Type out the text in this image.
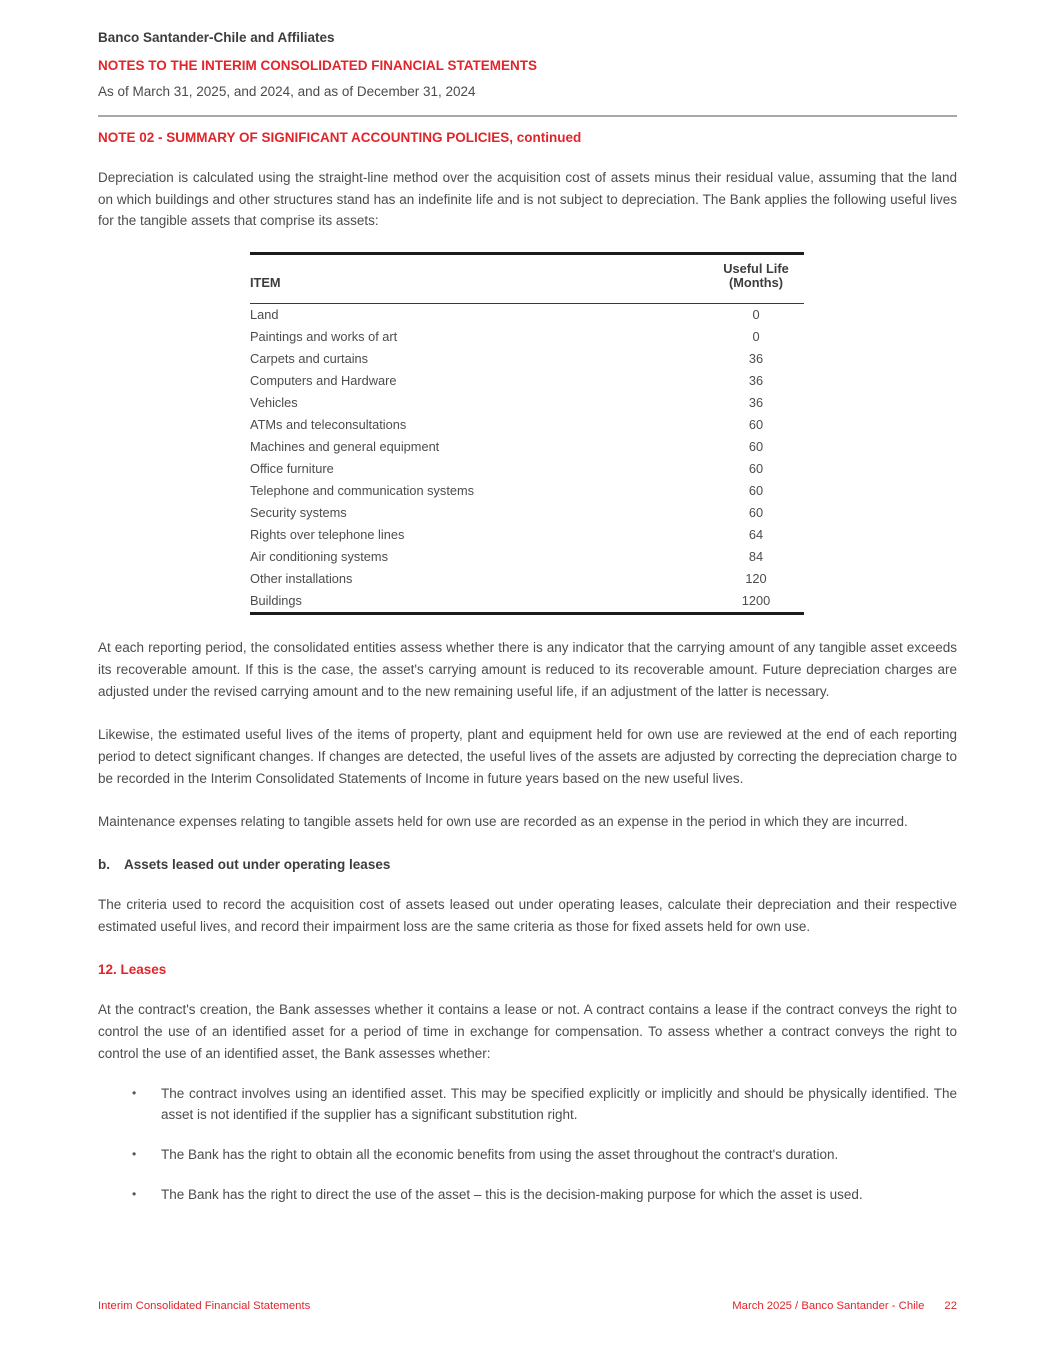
Banco Santander-Chile and Affiliates
NOTES TO THE INTERIM CONSOLIDATED FINANCIAL STATEMENTS
As of March 31, 2025, and 2024, and as of December 31, 2024
NOTE 02 - SUMMARY OF SIGNIFICANT ACCOUNTING POLICIES, continued

Depreciation is calculated using the straight-line method over the acquisition cost of assets minus their residual value, assuming that the land on which buildings and other structures stand has an indefinite life and is not subject to depreciation. The Bank applies the following useful lives for the tangible assets that comprise its assets:

ITEM	Useful Life
(Months)
Land	0
Paintings and works of art	0
Carpets and curtains	36
Computers and Hardware	36
Vehicles	36
ATMs and teleconsultations	60
Machines and general equipment	60
Office furniture	60
Telephone and communication systems	60
Security systems	60
Rights over telephone lines	64
Air conditioning systems	84
Other installations	120
Buildings	1200

At each reporting period, the consolidated entities assess whether there is any indicator that the carrying amount of any tangible asset exceeds its recoverable amount. If this is the case, the asset's carrying amount is reduced to its recoverable amount. Future depreciation charges are adjusted under the revised carrying amount and to the new remaining useful life, if an adjustment of the latter is necessary.

Likewise, the estimated useful lives of the items of property, plant and equipment held for own use are reviewed at the end of each reporting period to detect significant changes. If changes are detected, the useful lives of the assets are adjusted by correcting the depreciation charge to be recorded in the Interim Consolidated Statements of Income in future years based on the new useful lives.

Maintenance expenses relating to tangible assets held for own use are recorded as an expense in the period in which they are incurred.

b. Assets leased out under operating leases

The criteria used to record the acquisition cost of assets leased out under operating leases, calculate their depreciation and their respective estimated useful lives, and record their impairment loss are the same criteria as those for fixed assets held for own use.

12. Leases

At the contract's creation, the Bank assesses whether it contains a lease or not. A contract contains a lease if the contract conveys the right to control the use of an identified asset for a period of time in exchange for compensation. To assess whether a contract conveys the right to control the use of an identified asset, the Bank assesses whether:

• The contract involves using an identified asset. This may be specified explicitly or implicitly and should be physically identified. The asset is not identified if the supplier has a significant substitution right.
• The Bank has the right to obtain all the economic benefits from using the asset throughout the contract's duration.
• The Bank has the right to direct the use of the asset – this is the decision-making purpose for which the asset is used.
Interim Consolidated Financial Statements	March 2025 / Banco Santander - Chile 22
